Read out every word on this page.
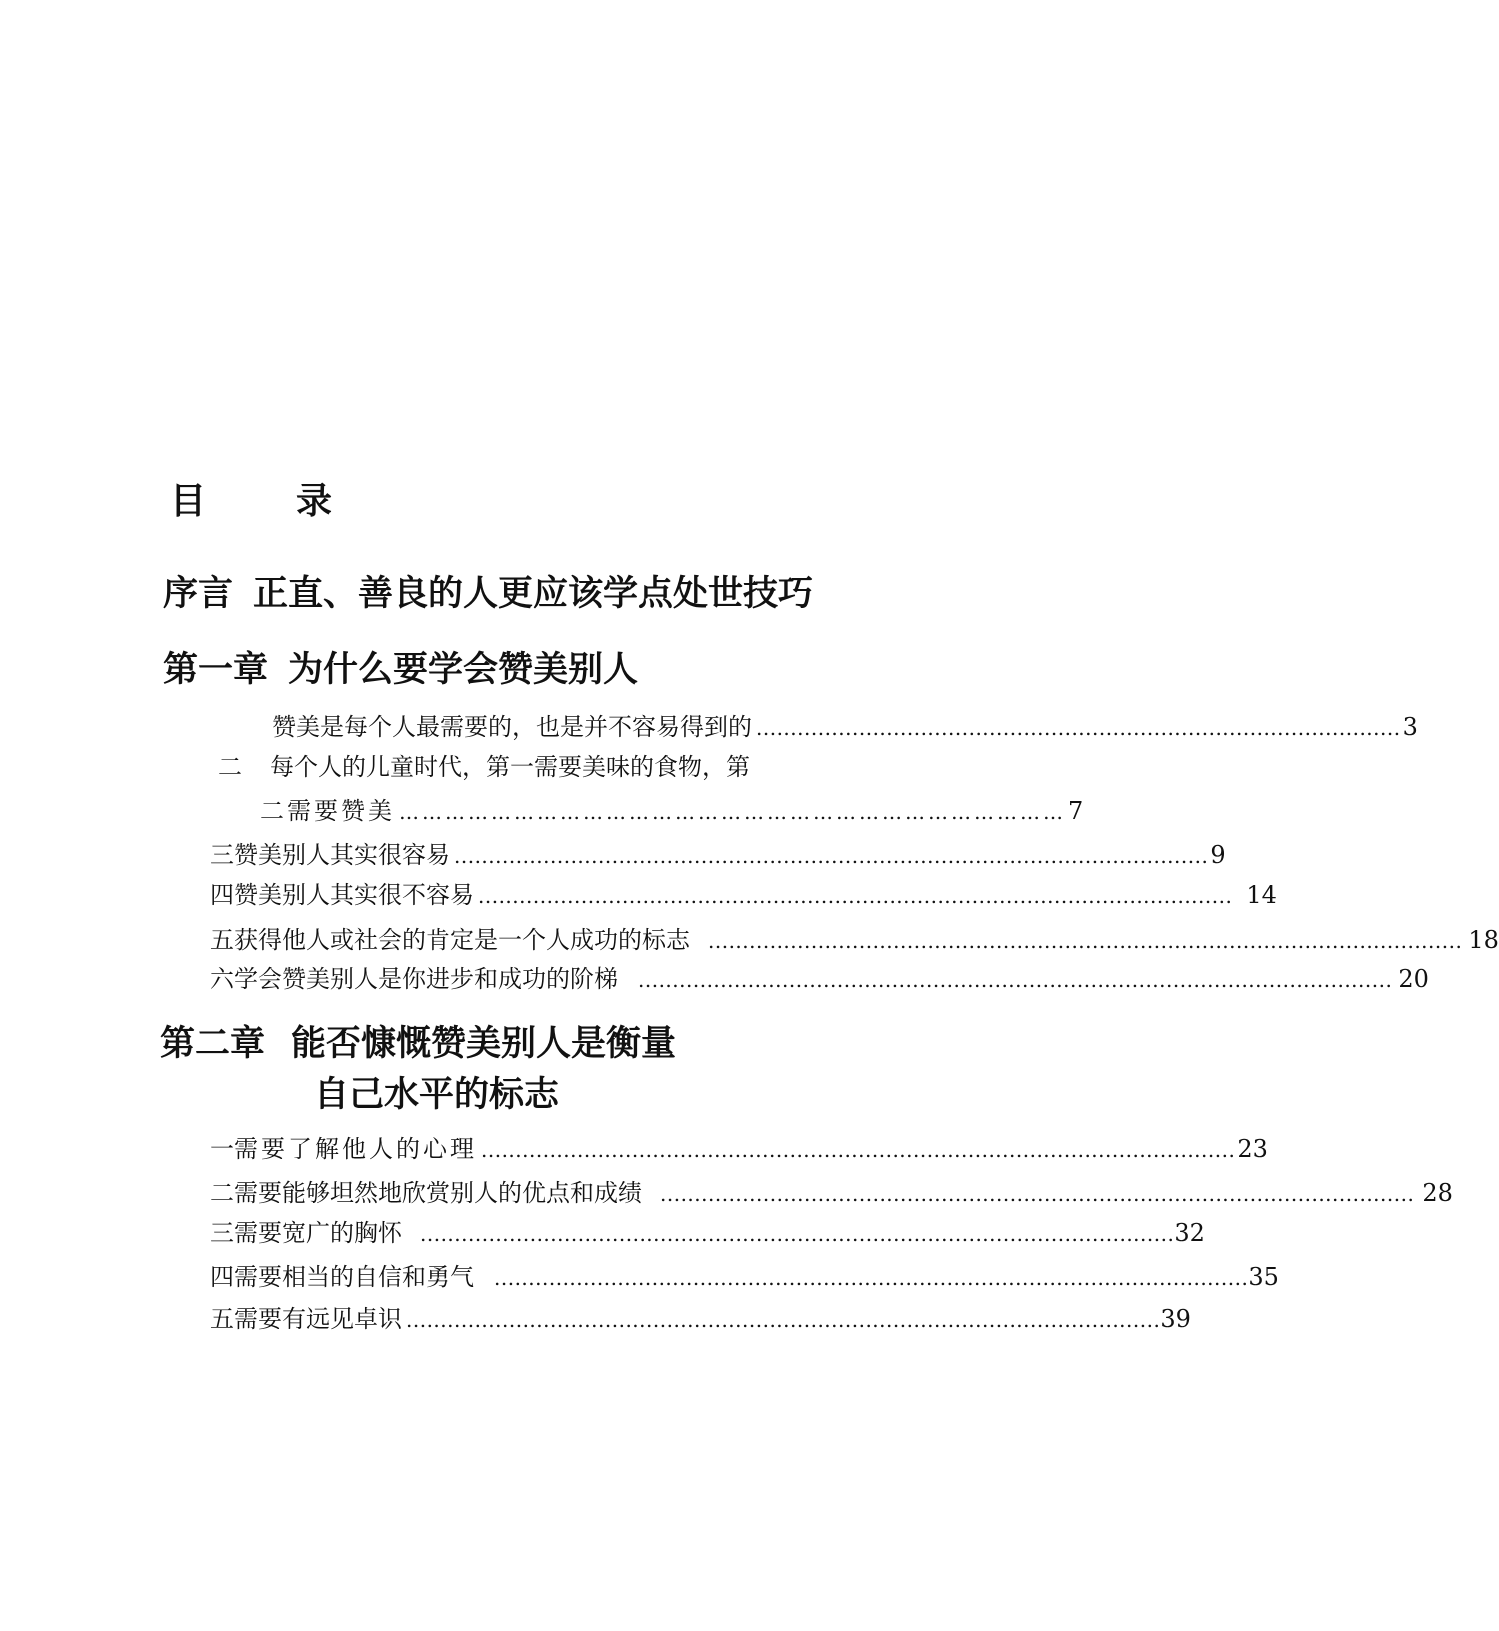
目	录
序言 正直、善良的人更应该学点处世技巧
第一章 为什么要学会赞美别人
赞美是每个人最需要的，也是并不容易得到的 .............................................................................................. 3
二	每个人的儿童时代，第一需要美味的食物，第
二需要赞美 …………………………………………………………………………… 7
三 赞美别人其实很容易 .............................................................................................................. 9
四 赞美别人其实很不容易 .............................................................................................................. 14
五 获得他人或社会的肯定是一个人成功的标志 .............................................................................................................. 18
六 学会赞美别人是你进步和成功的阶梯 .............................................................................................................. 20
第二章 能否慷慨赞美别人是衡量
自己水平的标志
一 需要了解他人的心理 .............................................................................................................. 23
二 需要能够坦然地欣赏别人的优点和成绩 .............................................................................................................. 28
三 需要宽广的胸怀 .............................................................................................................. 32
四 需要相当的自信和勇气 .............................................................................................................. 35
五 需要有远见卓识 .............................................................................................................. 39
